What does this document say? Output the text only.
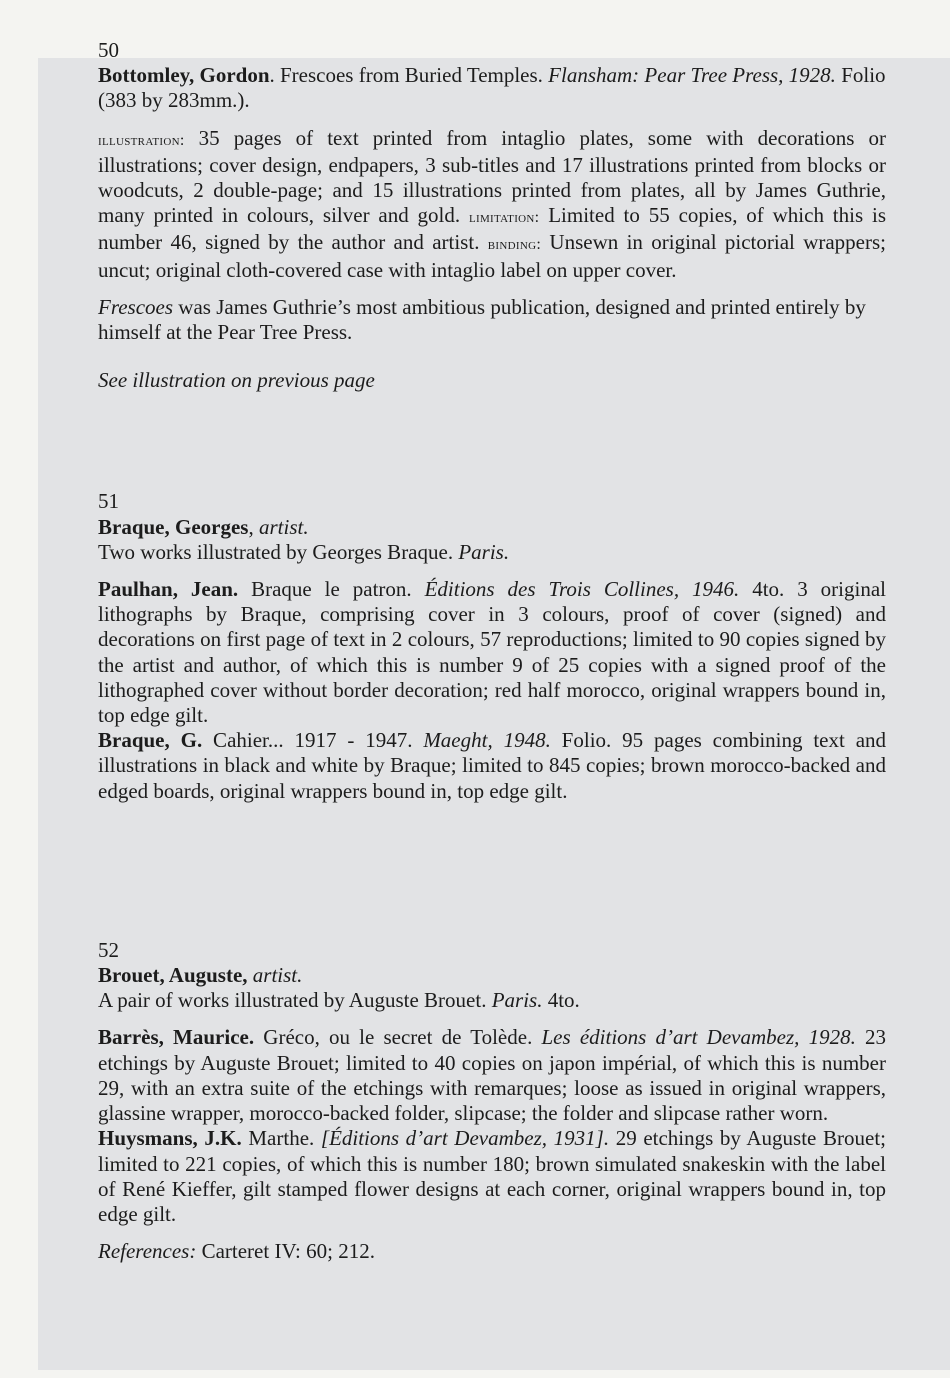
50

Bottomley, Gordon. Frescoes from Buried Temples. Flansham: Pear Tree Press, 1928. Folio (383 by 283mm.).

illustration: 35 pages of text printed from intaglio plates, some with decorations or illustrations; cover design, endpapers, 3 sub-titles and 17 illustrations printed from blocks or woodcuts, 2 double-page; and 15 illustrations printed from plates, all by James Guthrie, many printed in colours, silver and gold. limitation: Limited to 55 copies, of which this is number 46, signed by the author and artist. binding: Unsewn in original pictorial wrappers; uncut; original cloth-covered case with intaglio label on upper cover.

Frescoes was James Guthrie’s most ambitious publication, designed and printed entirely by himself at the Pear Tree Press.

See illustration on previous page

51

Braque, Georges, artist.

Two works illustrated by Georges Braque. Paris.

Paulhan, Jean. Braque le patron. Éditions des Trois Collines, 1946. 4to. 3 original lithographs by Braque, comprising cover in 3 colours, proof of cover (signed) and decorations on first page of text in 2 colours, 57 reproductions; limited to 90 copies signed by the artist and author, of which this is number 9 of 25 copies with a signed proof of the lithographed cover without border decoration; red half morocco, original wrappers bound in, top edge gilt.

Braque, G. Cahier... 1917 - 1947. Maeght, 1948. Folio. 95 pages combining text and illustrations in black and white by Braque; limited to 845 copies; brown morocco-backed and edged boards, original wrappers bound in, top edge gilt.

52

Brouet, Auguste, artist.

A pair of works illustrated by Auguste Brouet. Paris. 4to.

Barrès, Maurice. Gréco, ou le secret de Tolède. Les éditions d’art Devambez, 1928. 23 etchings by Auguste Brouet; limited to 40 copies on japon impérial, of which this is number 29, with an extra suite of the etchings with remarques; loose as issued in original wrappers, glassine wrapper, morocco-backed folder, slipcase; the folder and slipcase rather worn.

Huysmans, J.K. Marthe. [Éditions d’art Devambez, 1931]. 29 etchings by Auguste Brouet; limited to 221 copies, of which this is number 180; brown simulated snakeskin with the label of René Kieffer, gilt stamped flower designs at each corner, original wrappers bound in, top edge gilt.

References: Carteret IV: 60; 212.
